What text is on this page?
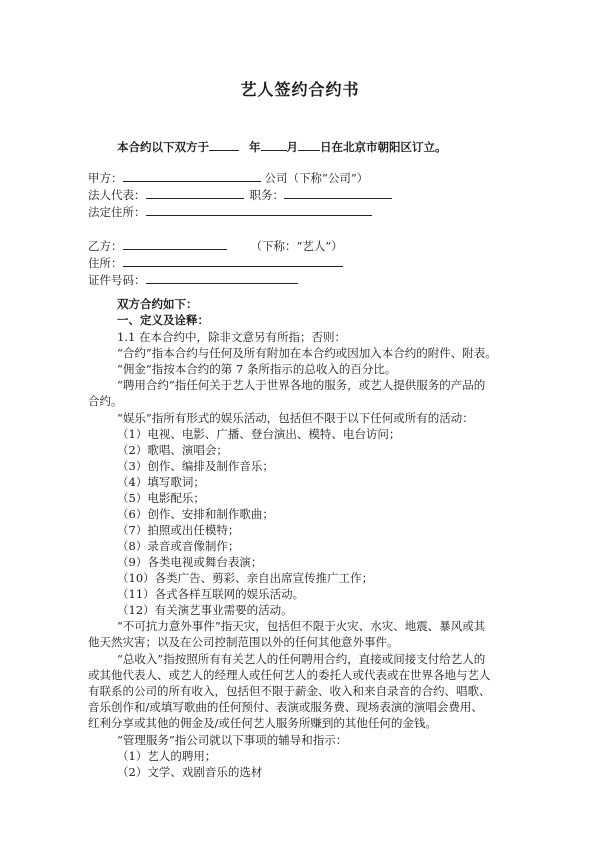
艺人签约合约书
本合约以下双方于	年 月 日在北京市朝阳区订立。
甲方：	公司（下称“公司”）
法人代表：	职务：
法定住所：
乙方：	（下称：“艺人”）
住所：
证件号码：
双方合约如下：
一、定义及诠释：
1.1 在本合约中，除非文意另有所指；否则：
“合约”指本合约与任何及所有附加在本合约或因加入本合约的附件、附表。
“佣金”指按本合约的第 7 条所指示的总收入的百分比。
“聘用合约”指任何关于艺人于世界各地的服务，或艺人提供服务的产品的
合约。
“娱乐”指所有形式的娱乐活动，包括但不限于以下任何或所有的活动：
（1）电视、电影、广播、登台演出、模特、电台访问；
（2）歌唱、演唱会；
（3）创作、编排及制作音乐；
（4）填写歌词；
（5）电影配乐；
（6）创作、安排和制作歌曲；
（7）拍照或出任模特；
（8）录音或音像制作；
（9）各类电视或舞台表演；
（10）各类广告、剪彩、亲自出席宣传推广工作；
（11）各式各样互联网的娱乐活动。
（12）有关演艺事业需要的活动。
“不可抗力意外事件”指天灾，包括但不限于火灾、水灾、地震、暴风或其
他天然灾害；以及在公司控制范围以外的任何其他意外事件。
“总收入”指按照所有有关艺人的任何聘用合约，直接或间接支付给艺人的
或其他代表人、或艺人的经理人或任何艺人的委托人或代表或在世界各地与艺人
有联系的公司的所有收入，包括但不限于薪金、收入和来自录音的合约、唱歌、
音乐创作和/或填写歌曲的任何预付、表演或服务费、现场表演的演唱会费用、
红利分享或其他的佣金及/或任何艺人服务所赚到的其他任何的金钱。
“管理服务”指公司就以下事项的辅导和指示：
（1）艺人的聘用；
（2）文学、戏剧音乐的选材
